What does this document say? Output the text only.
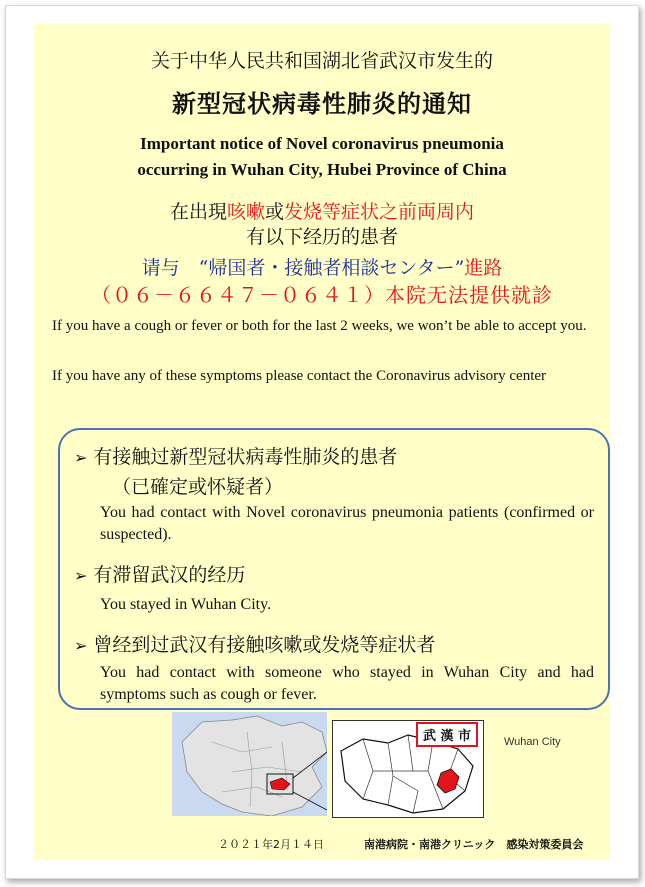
关于中华人民共和国湖北省武汉市发生的
新型冠状病毒性肺炎的通知
Important notice of Novel coronavirus pneumonia
occurring in Wuhan City, Hubei Province of China
在出現咳嗽或发烧等症状之前両周内
有以下经历的患者
请与　“帰国者・接触者相談センター”進路
（０６－６６４７－０６４１）本院无法提供就診
If you have a cough or fever or both for the last 2 weeks, we won’t be able to accept you.
If you have any of these symptoms please contact the Coronavirus advisory center
➢ 有接触过新型冠状病毒性肺炎的患者
（已確定或怀疑者）
You had contact with Novel coronavirus pneumonia patients (confirmed or suspected).
➢ 有滞留武汉的经历
You stayed in Wuhan City.
➢ 曾经到过武汉有接触咳嗽或发烧等症状者
You had contact with someone who stayed in Wuhan City and had symptoms such as cough or fever.
武 漢 市	Wuhan City
２０２１年2月１４日	南港病院・南港クリニック　感染対策委員会
